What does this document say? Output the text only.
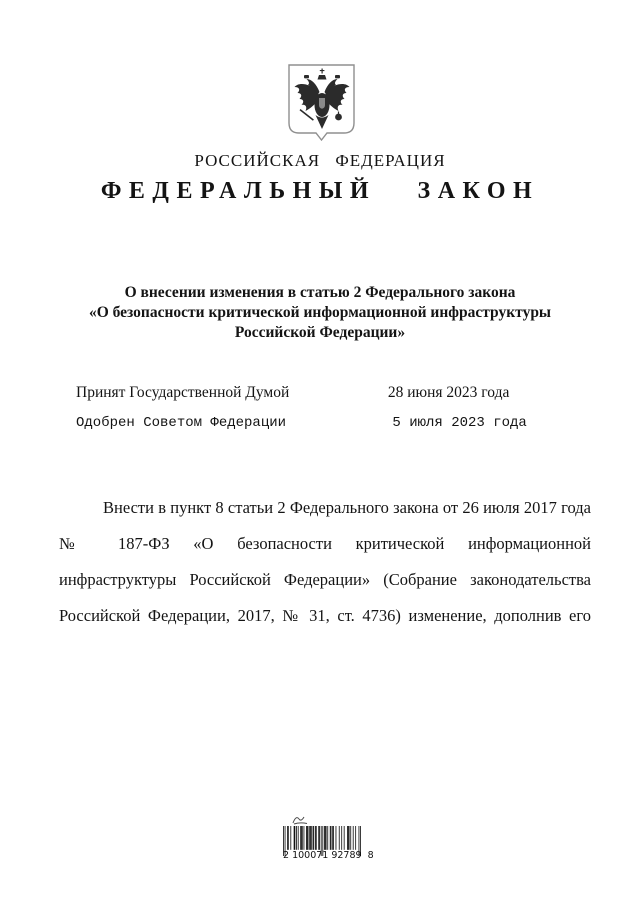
РОССИЙСКАЯ ФЕДЕРАЦИЯ
ФЕДЕРАЛЬНЫЙ ЗАКОН
О внесении изменения в статью 2 Федерального закона
«О безопасности критической информационной инфраструктуры
Российской Федерации»
Принят Государственной Думой	28 июня 2023 года
Одобрен Советом Федерации	5 июля 2023 года
Внести в пункт 8 статьи 2 Федерального закона от 26 июля 2017 года
№ 187-ФЗ «О безопасности критической информационной
инфраструктуры Российской Федерации» (Собрание законодательства
Российской Федерации, 2017, № 31, ст. 4736) изменение, дополнив его
2 100071 92789  8
